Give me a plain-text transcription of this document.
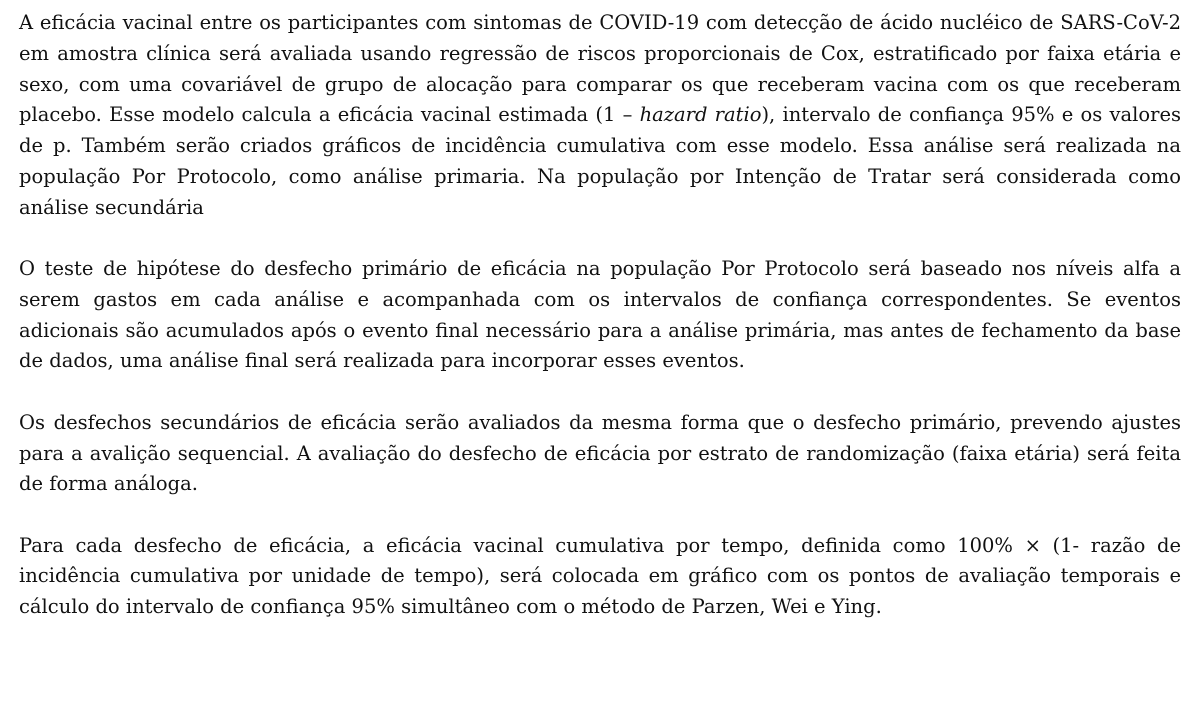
A eficácia vacinal entre os participantes com sintomas de COVID-19 com detecção de ácido nucléico de SARS-CoV-2 em amostra clínica será avaliada usando regressão de riscos proporcionais de Cox, estratificado por faixa etária e sexo, com uma covariável de grupo de alocação para comparar os que receberam vacina com os que receberam placebo. Esse modelo calcula a eficácia vacinal estimada (1 – hazard ratio), intervalo de confiança 95% e os valores de p. Também serão criados gráficos de incidência cumulativa com esse modelo. Essa análise será realizada na população Por Protocolo, como análise primaria. Na população por Intenção de Tratar será considerada como análise secundária

O teste de hipótese do desfecho primário de eficácia na população Por Protocolo será baseado nos níveis alfa a serem gastos em cada análise e acompanhada com os intervalos de confiança correspondentes. Se eventos adicionais são acumulados após o evento final necessário para a análise primária, mas antes de fechamento da base de dados, uma análise final será realizada para incorporar esses eventos.

Os desfechos secundários de eficácia serão avaliados da mesma forma que o desfecho primário, prevendo ajustes para a avalição sequencial. A avaliação do desfecho de eficácia por estrato de randomização (faixa etária) será feita de forma análoga.

Para cada desfecho de eficácia, a eficácia vacinal cumulativa por tempo, definida como 100% × (1- razão de incidência cumulativa por unidade de tempo), será colocada em gráfico com os pontos de avaliação temporais e cálculo do intervalo de confiança 95% simultâneo com o método de Parzen, Wei e Ying.
